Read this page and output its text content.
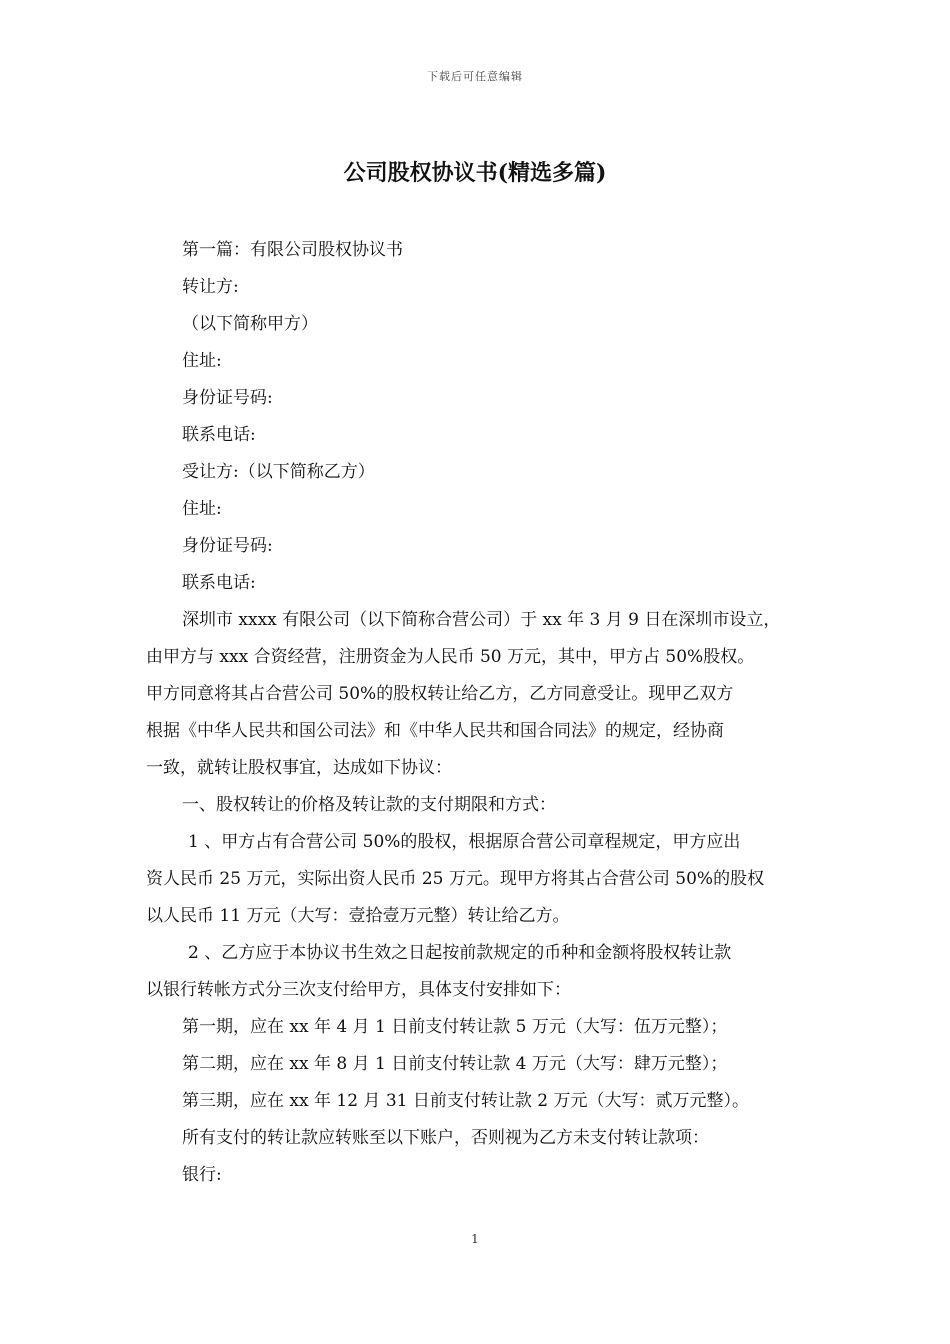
下载后可任意编辑
公司股权协议书(精选多篇)
第一篇：有限公司股权协议书
转让方:
（以下简称甲方）
住址:
身份证号码:
联系电话:
受让方:（以下简称乙方）
住址:
身份证号码:
联系电话:
深圳市 xxxx 有限公司（以下简称合营公司）于 xx 年 3 月 9 日在深圳市设立，
由甲方与 xxx 合资经营，注册资金为人民币 50 万元，其中，甲方占 50%股权。
甲方同意将其占合营公司 50%的股权转让给乙方，乙方同意受让。现甲乙双方
根据《中华人民共和国公司法》和《中华人民共和国合同法》的规定，经协商
一致，就转让股权事宜，达成如下协议：
一、股权转让的价格及转让款的支付期限和方式：
1 、甲方占有合营公司 50%的股权，根据原合营公司章程规定，甲方应出
资人民币 25 万元，实际出资人民币 25 万元。现甲方将其占合营公司 50%的股权
以人民币 11 万元（大写：壹拾壹万元整）转让给乙方。
2 、乙方应于本协议书生效之日起按前款规定的币种和金额将股权转让款
以银行转帐方式分三次支付给甲方，具体支付安排如下：
第一期，应在 xx 年 4 月 1 日前支付转让款 5 万元（大写：伍万元整）；
第二期，应在 xx 年 8 月 1 日前支付转让款 4 万元（大写：肆万元整）；
第三期，应在 xx 年 12 月 31 日前支付转让款 2 万元（大写：贰万元整）。
所有支付的转让款应转账至以下账户，否则视为乙方未支付转让款项：
银行:
1
